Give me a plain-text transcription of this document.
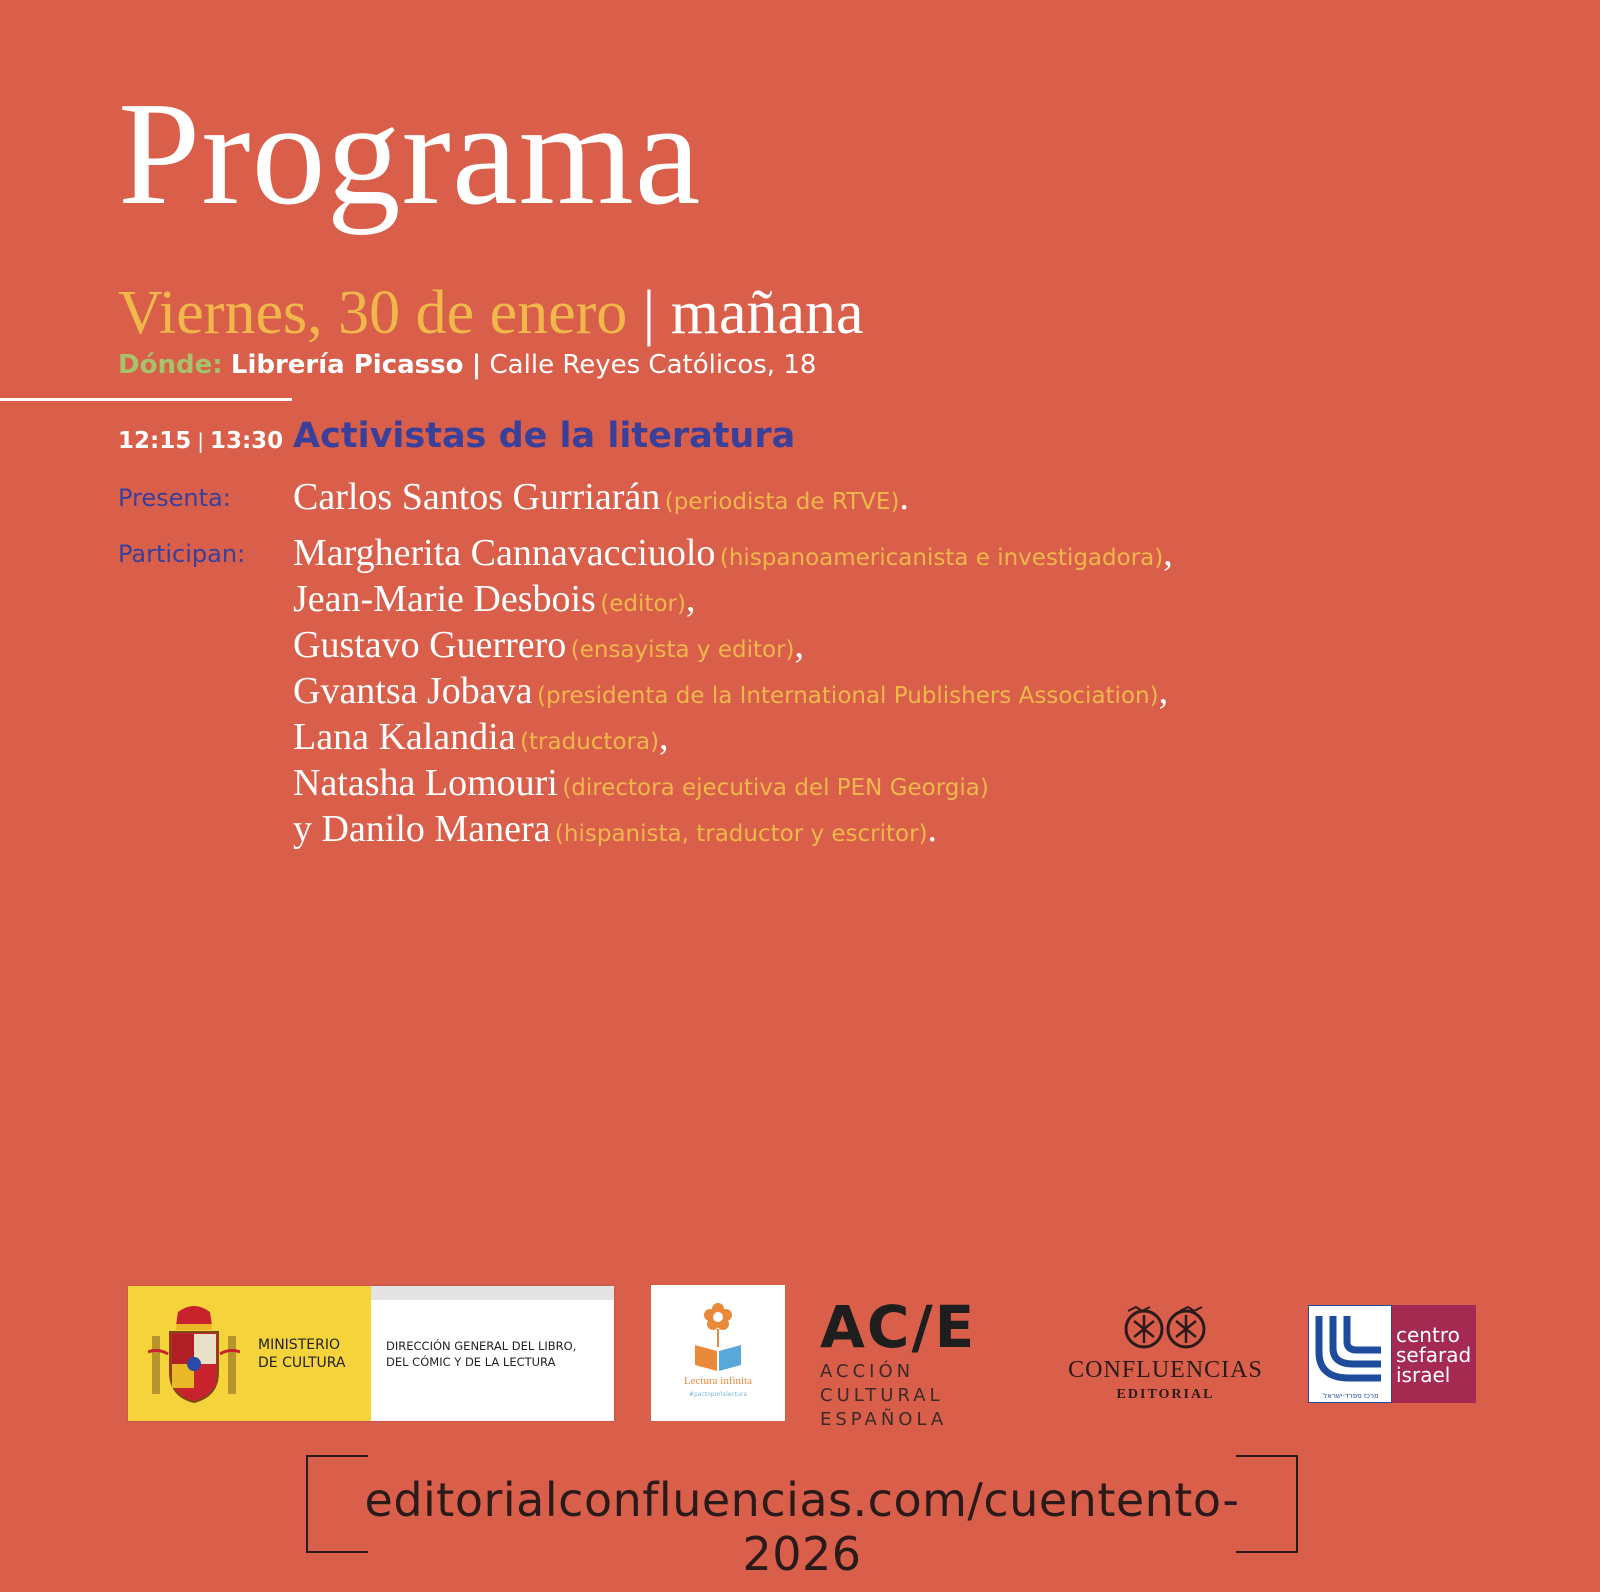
Programa
Viernes, 30 de enero | mañana
Dónde: Librería Picasso | Calle Reyes Católicos, 18
12:15 | 13:30 Activistas de la literatura
Presenta: Carlos Santos Gurriarán (periodista de RTVE).
Participan: Margherita Cannavacciuolo (hispanoamericanista e investigadora),
Jean-Marie Desbois (editor),
Gustavo Guerrero (ensayista y editor),
Gvantsa Jobava (presidenta de la International Publishers Association),
Lana Kalandia (traductora),
Natasha Lomouri (directora ejecutiva del PEN Georgia)
y Danilo Manera (hispanista, traductor y escritor).
MINISTERIO
DE CULTURA
DIRECCIÓN GENERAL DEL LIBRO,
DEL CÓMIC Y DE LA LECTURA
Lectura infinita
#pactoporlalectura
AC/E
ACCIÓN CULTURAL
ESPAÑOLA
CONFLUENCIAS
EDITORIAL	מרכז ספרד-ישראל
centro
sefarad
israel
editorialconfluencias.com/cuentento-2026
